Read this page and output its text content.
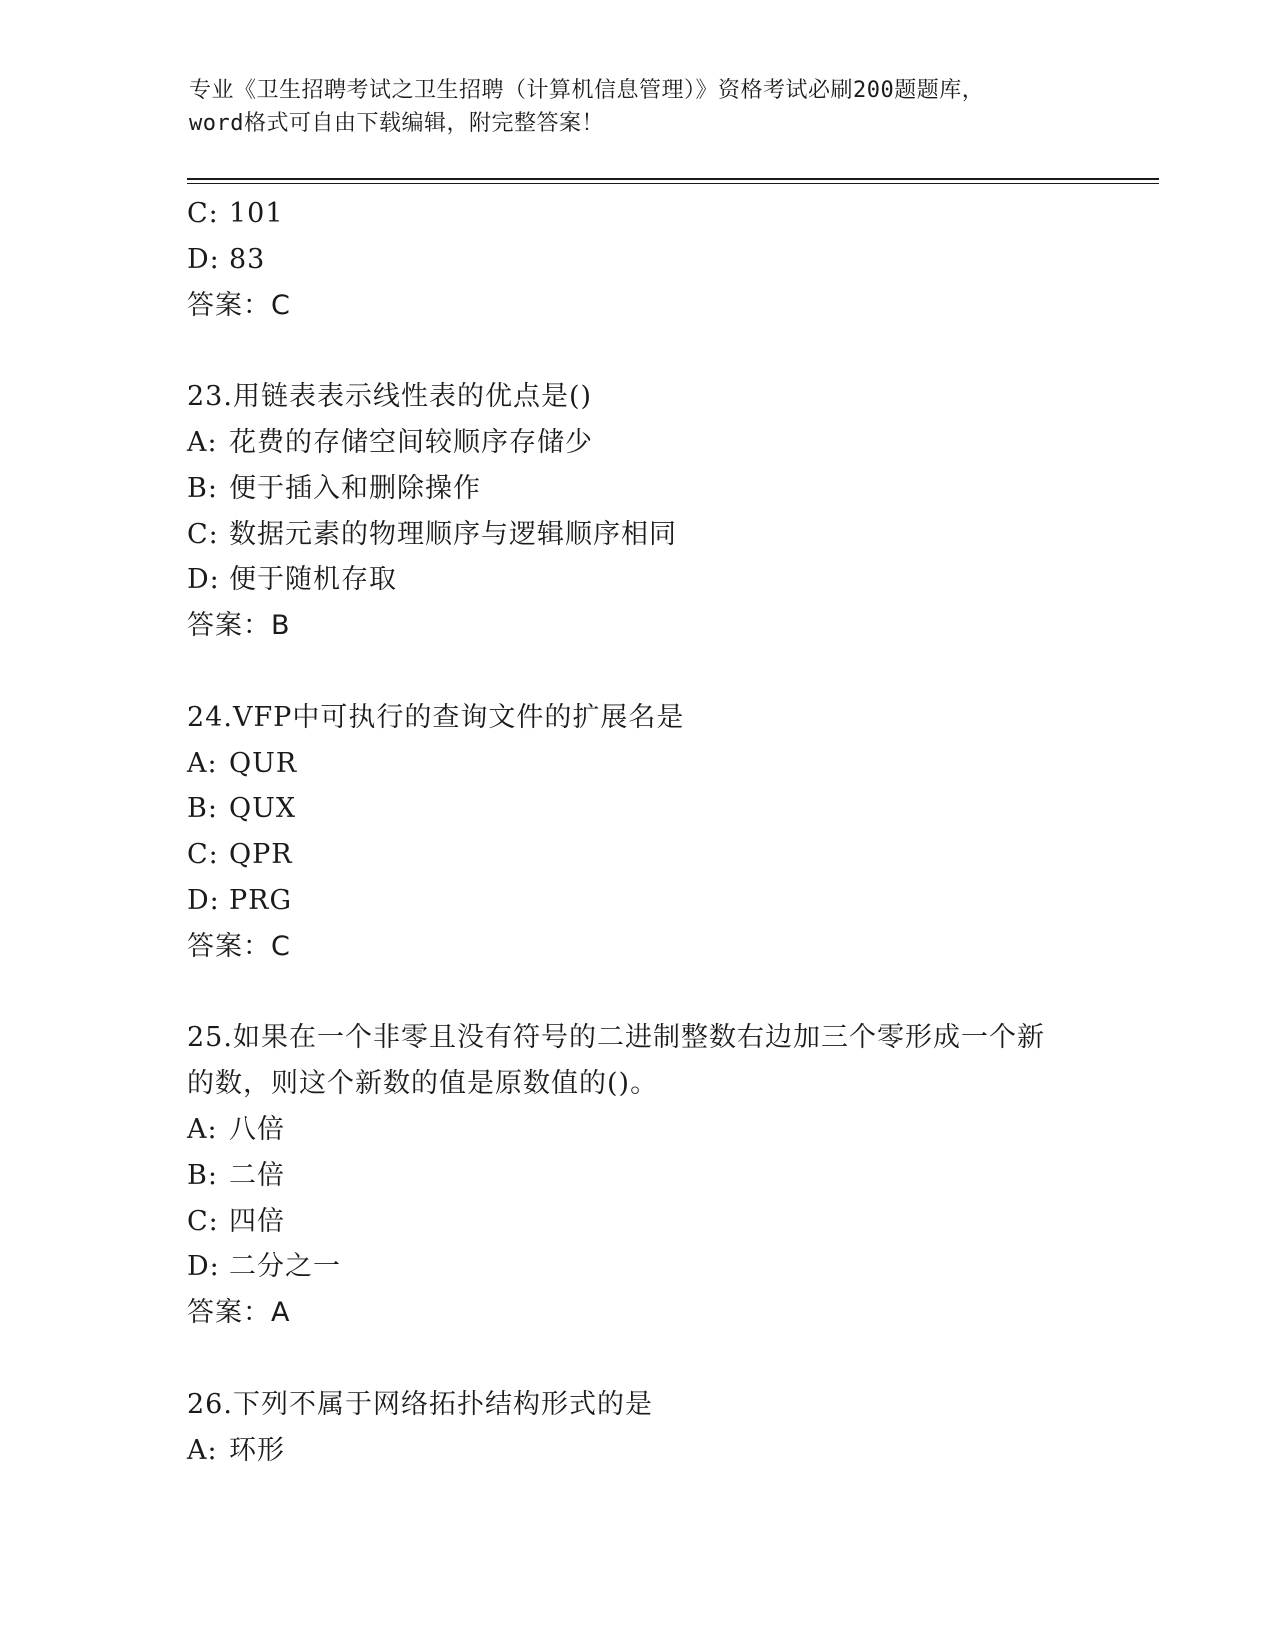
专业《卫生招聘考试之卫生招聘（计算机信息管理）》资格考试必刷200题题库，
word格式可自由下载编辑，附完整答案！
C: 101
D: 83
答案：C
23.用链表表示线性表的优点是()
A: 花费的存储空间较顺序存储少
B: 便于插入和删除操作
C: 数据元素的物理顺序与逻辑顺序相同
D: 便于随机存取
答案：B
24.VFP中可执行的查询文件的扩展名是
A: QUR
B: QUX
C: QPR
D: PRG
答案：C
25.如果在一个非零且没有符号的二进制整数右边加三个零形成一个新
的数，则这个新数的值是原数值的()。
A: 八倍
B: 二倍
C: 四倍
D: 二分之一
答案：A
26.下列不属于网络拓扑结构形式的是
A: 环形
